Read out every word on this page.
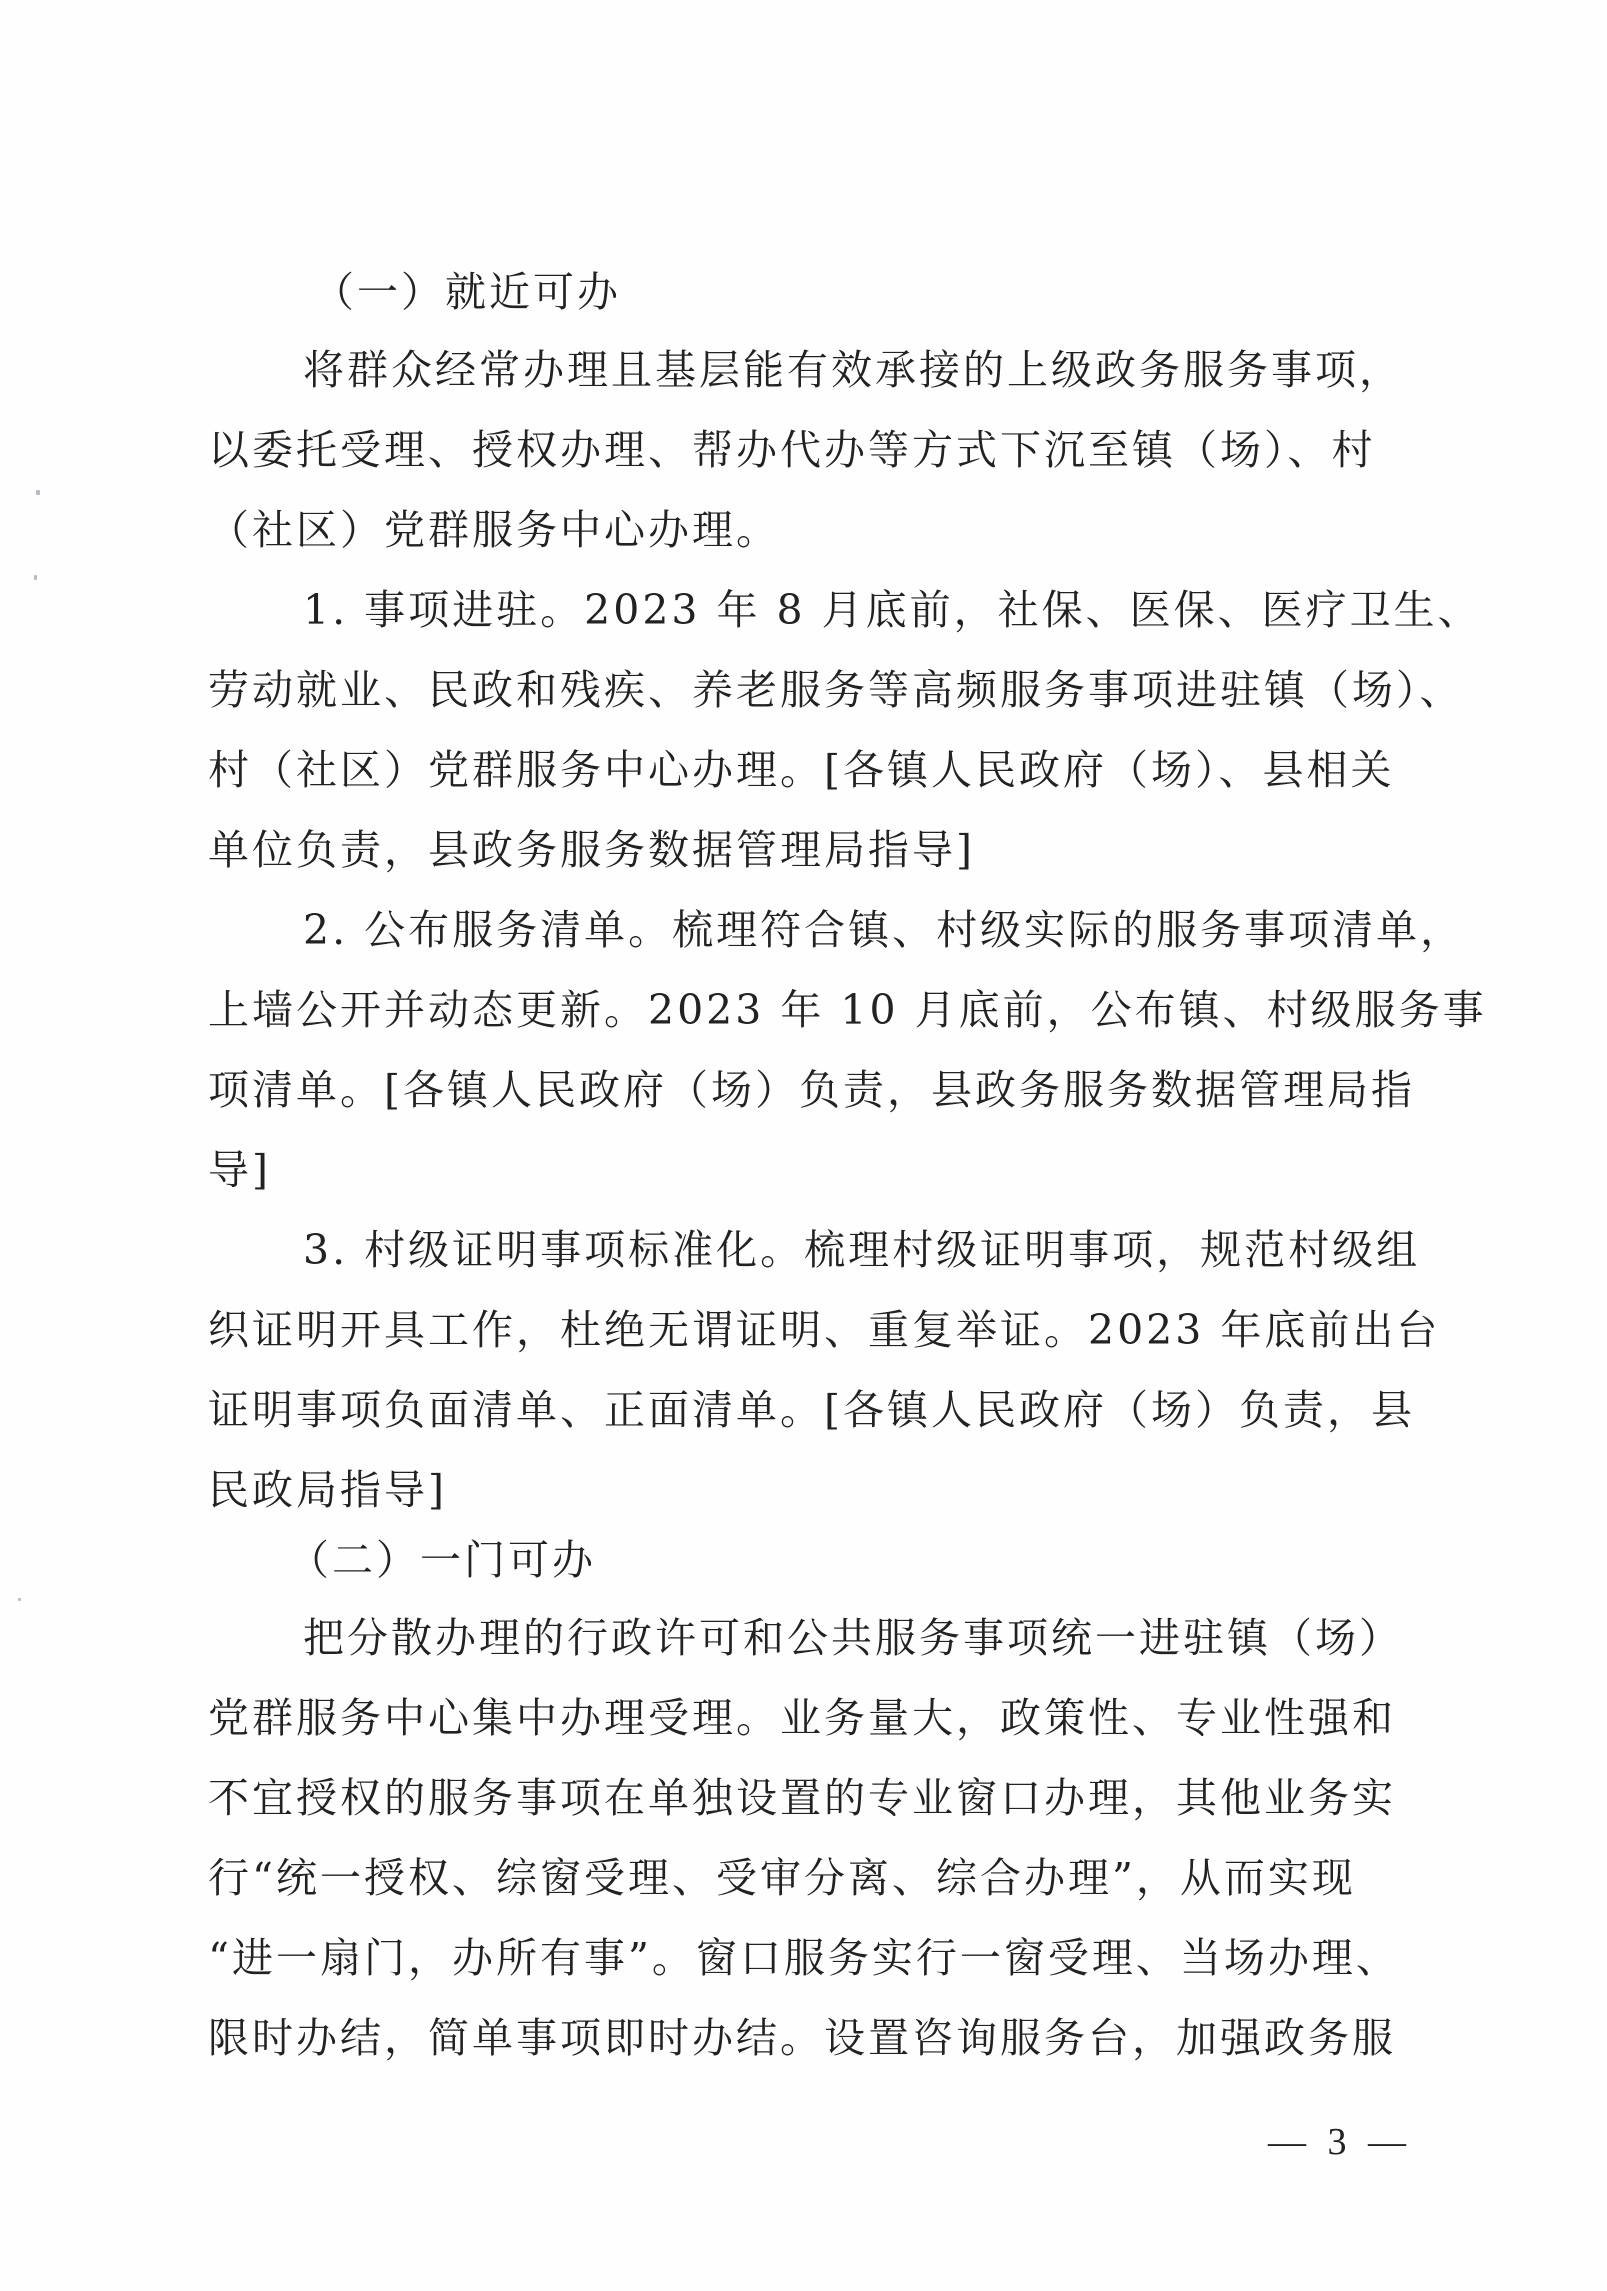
（一）就近可办
将群众经常办理且基层能有效承接的上级政务服务事项，
以委托受理、授权办理、帮办代办等方式下沉至镇（场）、村
（社区）党群服务中心办理。
1. 事项进驻。2023 年 8 月底前，社保、医保、医疗卫生、
劳动就业、民政和残疾、养老服务等高频服务事项进驻镇（场）、
村（社区）党群服务中心办理。[各镇人民政府（场）、县相关
单位负责，县政务服务数据管理局指导]
2. 公布服务清单。梳理符合镇、村级实际的服务事项清单，
上墙公开并动态更新。2023 年 10 月底前，公布镇、村级服务事
项清单。[各镇人民政府（场）负责，县政务服务数据管理局指
导]
3. 村级证明事项标准化。梳理村级证明事项，规范村级组
织证明开具工作，杜绝无谓证明、重复举证。2023 年底前出台
证明事项负面清单、正面清单。[各镇人民政府（场）负责，县
民政局指导]
（二）一门可办
把分散办理的行政许可和公共服务事项统一进驻镇（场）
党群服务中心集中办理受理。业务量大，政策性、专业性强和
不宜授权的服务事项在单独设置的专业窗口办理，其他业务实
行“统一授权、综窗受理、受审分离、综合办理”，从而实现
“进一扇门，办所有事”。窗口服务实行一窗受理、当场办理、
限时办结，简单事项即时办结。设置咨询服务台，加强政务服
— 3 —
